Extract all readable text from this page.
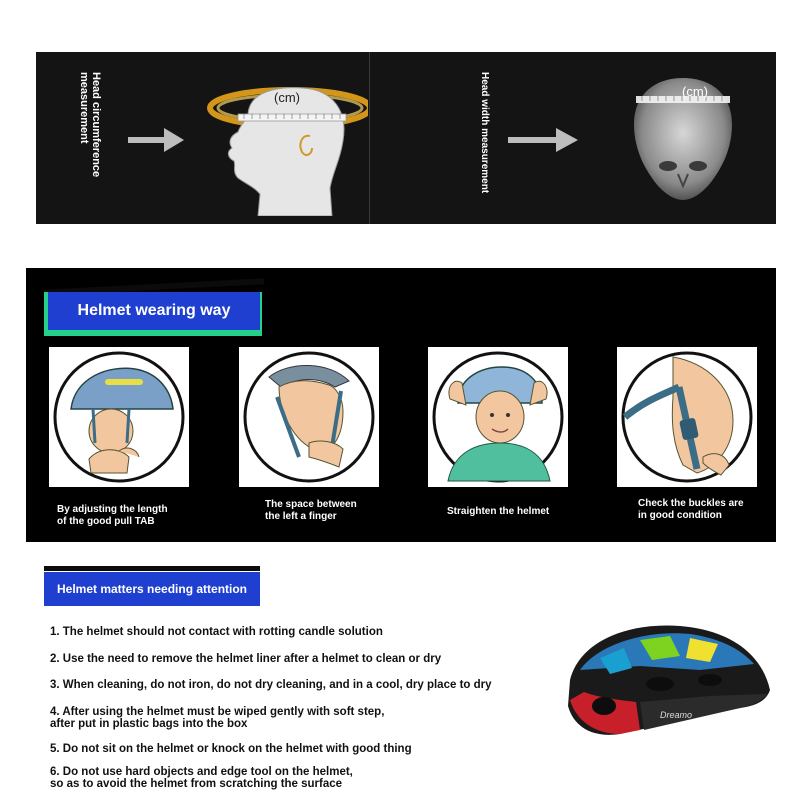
Head circumference
measurement	(cm)	Head width measurement	(cm)
Helmet wearing way
By adjusting the length
of the good pull TAB
The space between
the left a finger	Straighten the helmet
Check the buckles are
in good condition
Helmet matters needing attention
1. The helmet should not contact with rotting candle solution
2. Use the need to remove the helmet liner after a helmet to clean or dry
3. When cleaning, do not iron, do not dry cleaning, and in a cool, dry place to dry
4. After using the helmet must be wiped gently with soft step,
after put in plastic bags into the box
5. Do not sit on the helmet or knock on the helmet with good thing
6. Do not use hard objects and edge tool on the helmet,
so as to avoid the helmet from scratching the surface
Dreamo
